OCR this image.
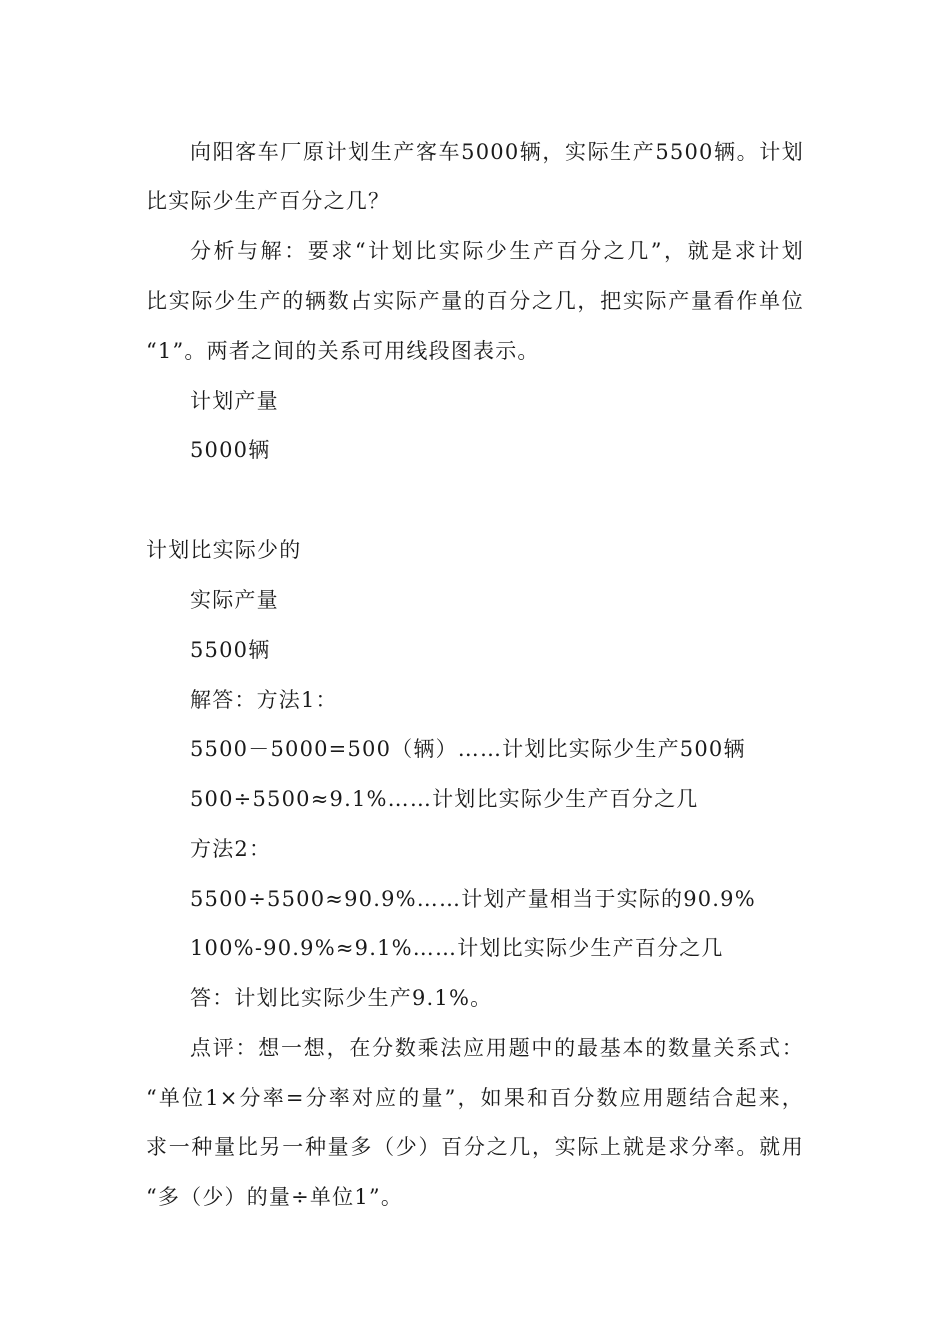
向阳客车厂原计划生产客车5000辆，实际生产5500辆。计划
比实际少生产百分之几？
分析与解：要求“计划比实际少生产百分之几”，就是求计划
比实际少生产的辆数占实际产量的百分之几，把实际产量看作单位
“1”。两者之间的关系可用线段图表示。
计划产量
5000辆
计划比实际少的
实际产量
5500辆
解答：方法1：
5500－5000=500（辆）……计划比实际少生产500辆
500÷5500≈9.1%……计划比实际少生产百分之几
方法2：
5500÷5500≈90.9%……计划产量相当于实际的90.9%
100%-90.9%≈9.1%……计划比实际少生产百分之几
答：计划比实际少生产9.1%。
点评：想一想，在分数乘法应用题中的最基本的数量关系式：
“单位1×分率=分率对应的量”，如果和百分数应用题结合起来，
求一种量比另一种量多（少）百分之几，实际上就是求分率。就用
“多（少）的量÷单位1”。
